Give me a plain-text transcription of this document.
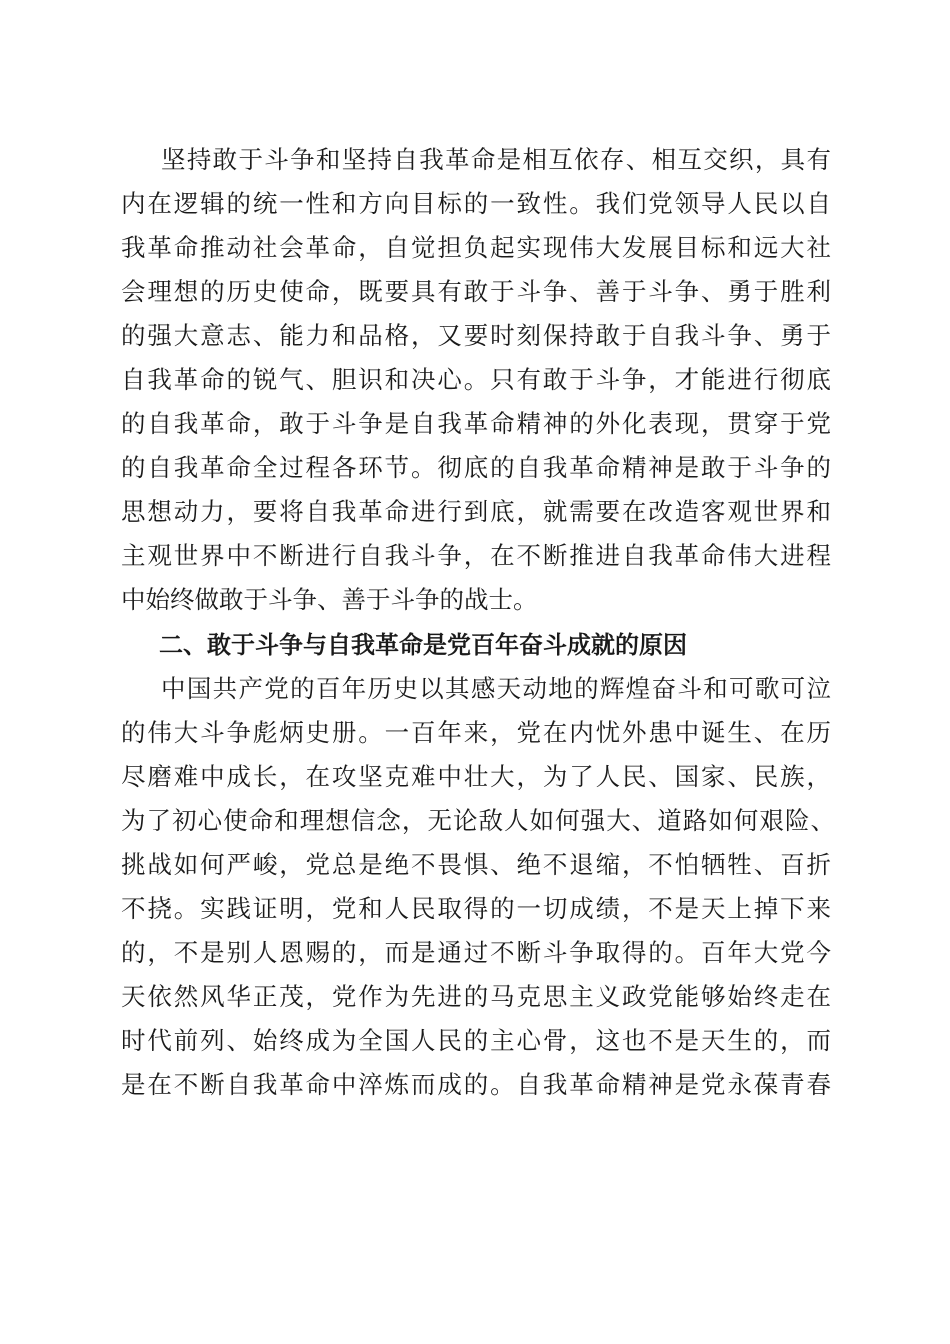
坚持敢于斗争和坚持自我革命是相互依存、相互交织，具有
内在逻辑的统一性和方向目标的一致性。我们党领导人民以自
我革命推动社会革命，自觉担负起实现伟大发展目标和远大社
会理想的历史使命，既要具有敢于斗争、善于斗争、勇于胜利
的强大意志、能力和品格，又要时刻保持敢于自我斗争、勇于
自我革命的锐气、胆识和决心。只有敢于斗争，才能进行彻底
的自我革命，敢于斗争是自我革命精神的外化表现，贯穿于党
的自我革命全过程各环节。彻底的自我革命精神是敢于斗争的
思想动力，要将自我革命进行到底，就需要在改造客观世界和
主观世界中不断进行自我斗争，在不断推进自我革命伟大进程
中始终做敢于斗争、善于斗争的战士。
二、敢于斗争与自我革命是党百年奋斗成就的原因
中国共产党的百年历史以其感天动地的辉煌奋斗和可歌可泣
的伟大斗争彪炳史册。一百年来，党在内忧外患中诞生、在历
尽磨难中成长，在攻坚克难中壮大，为了人民、国家、民族，
为了初心使命和理想信念，无论敌人如何强大、道路如何艰险、
挑战如何严峻，党总是绝不畏惧、绝不退缩，不怕牺牲、百折
不挠。实践证明，党和人民取得的一切成绩，不是天上掉下来
的，不是别人恩赐的，而是通过不断斗争取得的。百年大党今
天依然风华正茂，党作为先进的马克思主义政党能够始终走在
时代前列、始终成为全国人民的主心骨，这也不是天生的，而
是在不断自我革命中淬炼而成的。自我革命精神是党永葆青春
